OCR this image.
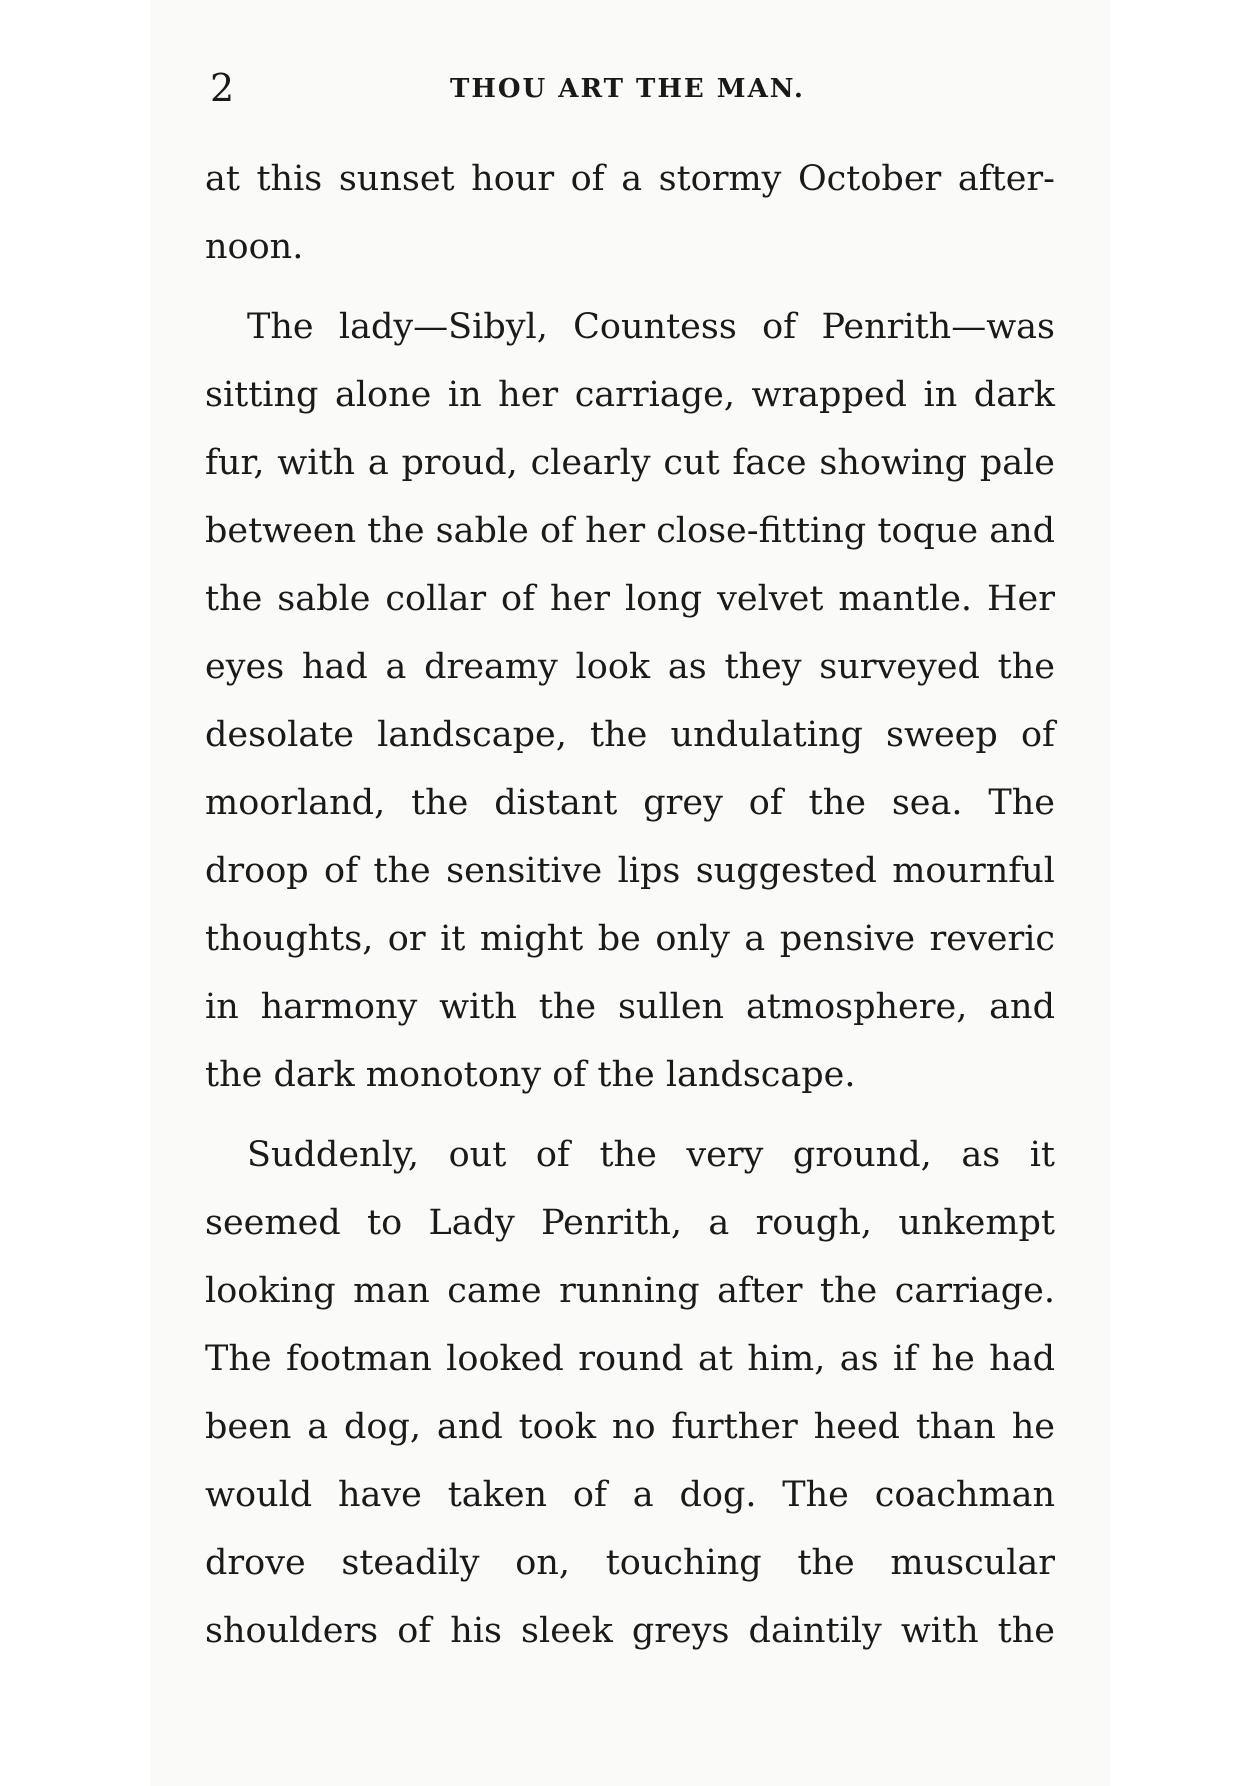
2	THOU ART THE MAN.
at this sunset hour of a stormy October after-
noon.
The lady—Sibyl, Countess of Penrith—was
sitting alone in her carriage, wrapped in dark
fur, with a proud, clearly cut face showing pale
between the sable of her close-fitting toque and
the sable collar of her long velvet mantle. Her
eyes had a dreamy look as they surveyed the
desolate landscape, the undulating sweep of
moorland, the distant grey of the sea. The
droop of the sensitive lips suggested mournful
thoughts, or it might be only a pensive reveric
in harmony with the sullen atmosphere, and
the dark monotony of the landscape.
Suddenly, out of the very ground, as it
seemed to Lady Penrith, a rough, unkempt
looking man came running after the carriage.
The footman looked round at him, as if he had
been a dog, and took no further heed than he
would have taken of a dog. The coachman
drove steadily on, touching the muscular
shoulders of his sleek greys daintily with the
